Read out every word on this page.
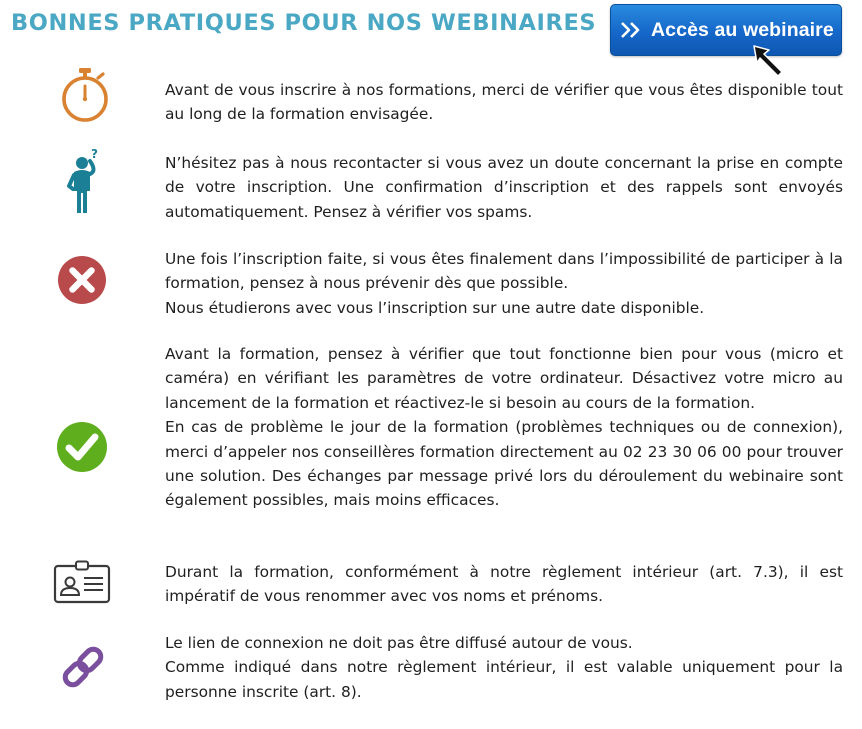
BONNES PRATIQUES POUR NOS WEBINAIRES	Accès au webinaire

Avant de vous inscrire à nos formations, merci de vérifier que vous êtes disponible tout au long de la formation envisagée.

?	N’hésitez pas à nous recontacter si vous avez un doute concernant la prise en compte de votre inscription. Une confirmation d’inscription et des rappels sont envoyés automatiquement. Pensez à vérifier vos spams.

Une fois l’inscription faite, si vous êtes finalement dans l’impossibilité de participer à la formation, pensez à nous prévenir dès que possible.
Nous étudierons avec vous l’inscription sur une autre date disponible.

Avant la formation, pensez à vérifier que tout fonctionne bien pour vous (micro et caméra) en vérifiant les paramètres de votre ordinateur. Désactivez votre micro au lancement de la formation et réactivez-le si besoin au cours de la formation.
En cas de problème le jour de la formation (problèmes techniques ou de connexion), merci d’appeler nos conseillères formation directement au 02 23 30 06 00 pour trouver une solution. Des échanges par message privé lors du déroulement du webinaire sont également possibles, mais moins efficaces.

Durant la formation, conformément à notre règlement intérieur (art. 7.3), il est impératif de vous renommer avec vos noms et prénoms.

Le lien de connexion ne doit pas être diffusé autour de vous.
Comme indiqué dans notre règlement intérieur, il est valable uniquement pour la personne inscrite (art. 8).
